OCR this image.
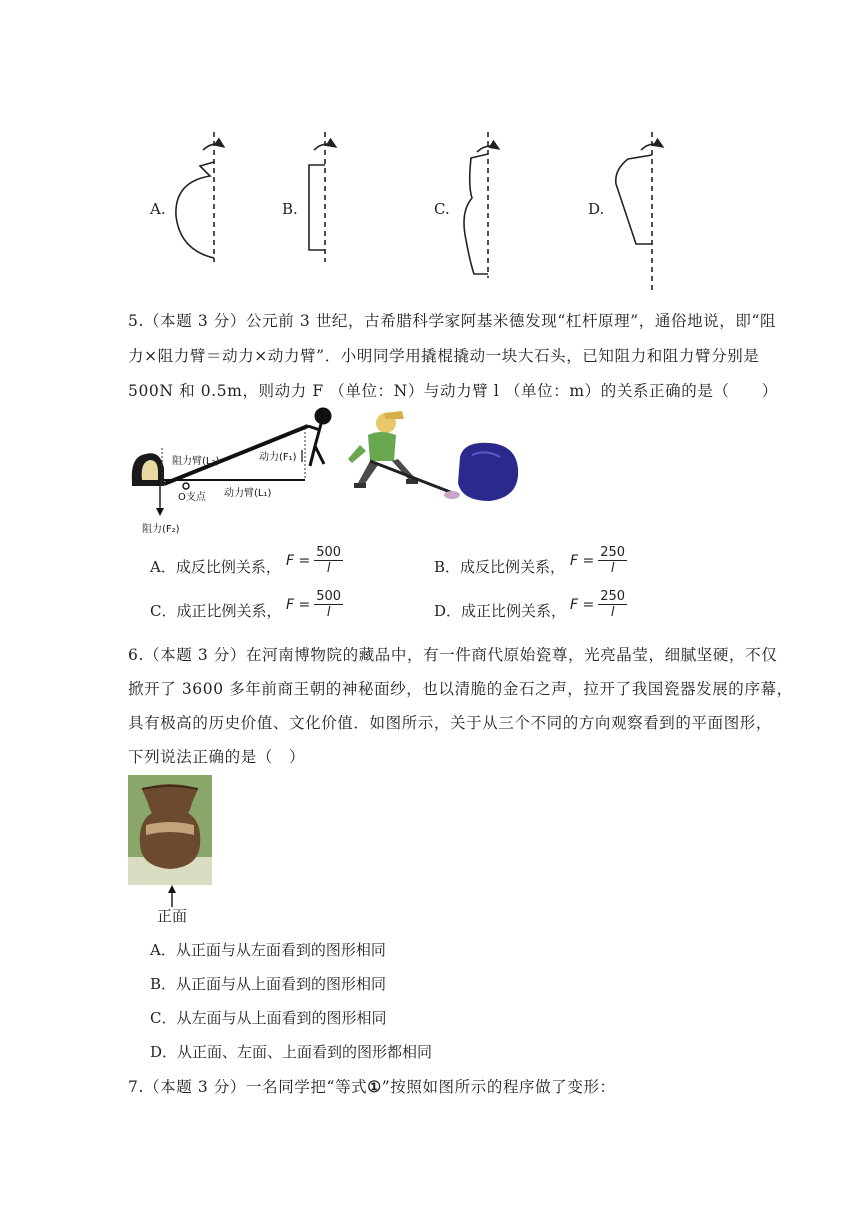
A.	B.	C.	D.
5.（本题 3 分）公元前 3 世纪，古希腊科学家阿基米德发现“杠杆原理”，通俗地说，即“阻
力×阻力臂＝动力×动力臂”．小明同学用撬棍撬动一块大石头，已知阻力和阻力臂分别是
500N 和 0.5m，则动力 F （单位：N）与动力臂 l （单位：m）的关系正确的是（　　）
阻力臂(L₂)	动力(F₁)
O支点 动力臂(L₁)
阻力(F₂)
A．成反比例关系， $F = \frac{500}{l}$	B．成反比例关系， $F = \frac{250}{l}$
C．成正比例关系， $F = \frac{500}{l}$	D．成正比例关系， $F = \frac{250}{l}$
6.（本题 3 分）在河南博物院的藏品中，有一件商代原始瓷尊，光亮晶莹，细腻坚硬，不仅
掀开了 3600 多年前商王朝的神秘面纱，也以清脆的金石之声，拉开了我国瓷器发展的序幕，
具有极高的历史价值、文化价值．如图所示，关于从三个不同的方向观察看到的平面图形，
下列说法正确的是（　）
正面
A．从正面与从左面看到的图形相同
B．从正面与从上面看到的图形相同
C．从左面与从上面看到的图形相同
D．从正面、左面、上面看到的图形都相同
7.（本题 3 分）一名同学把“等式①”按照如图所示的程序做了变形：
